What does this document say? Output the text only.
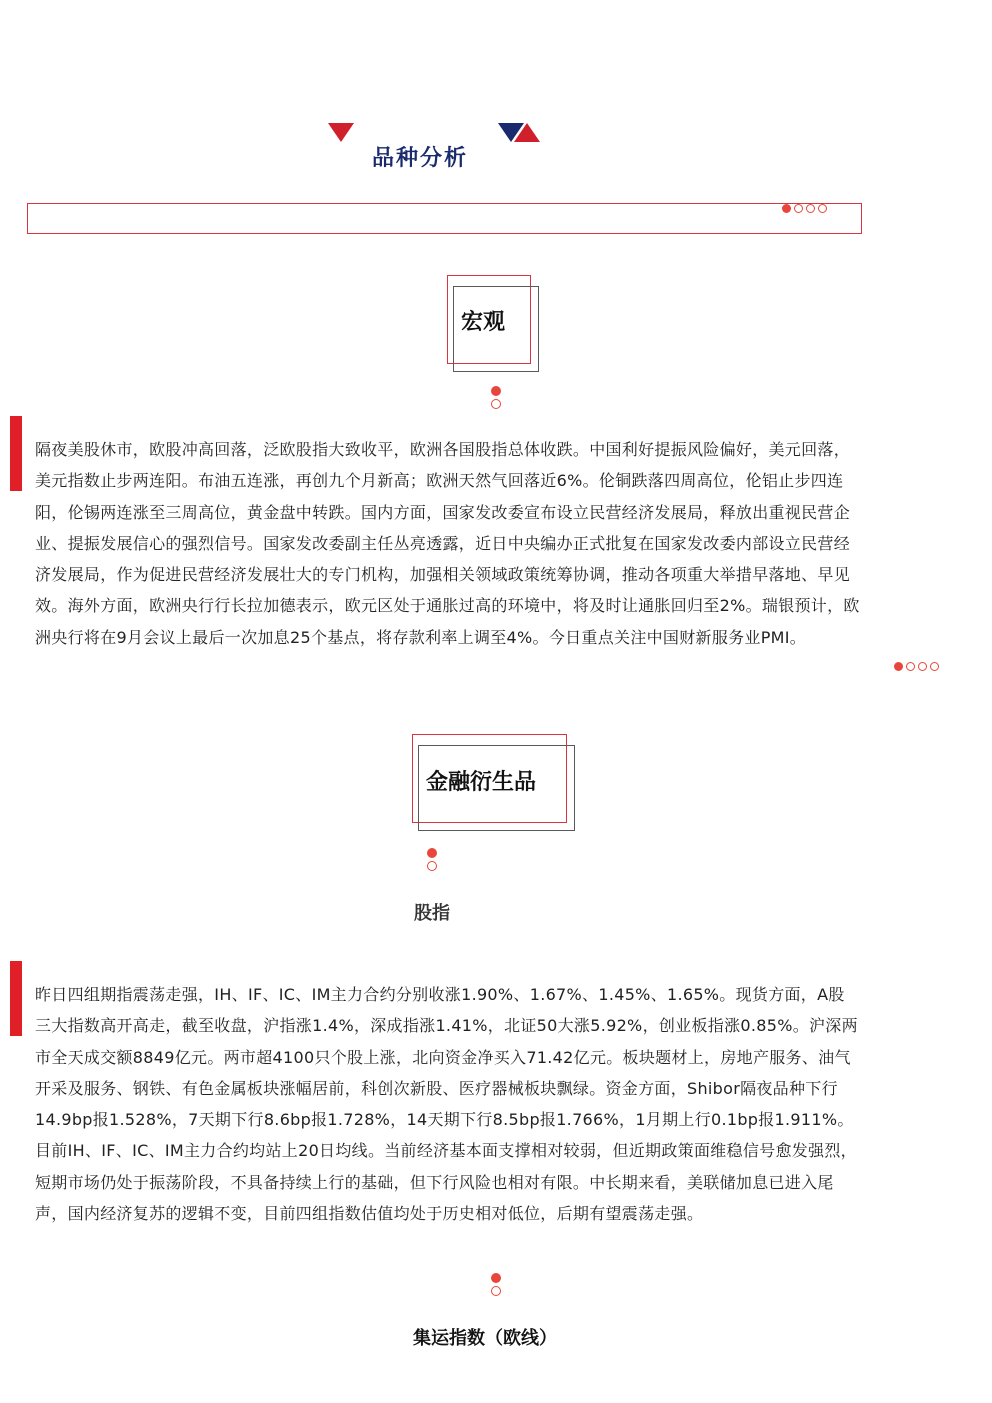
品种分析
宏观
隔夜美股休市，欧股冲高回落，泛欧股指大致收平，欧洲各国股指总体收跌。中国利好提振风险偏好，美元回落，
美元指数止步两连阳。布油五连涨，再创九个月新高；欧洲天然气回落近6%。伦铜跌落四周高位，伦铝止步四连
阳，伦锡两连涨至三周高位，黄金盘中转跌。国内方面，国家发改委宣布设立民营经济发展局，释放出重视民营企
业、提振发展信心的强烈信号。国家发改委副主任丛亮透露，近日中央编办正式批复在国家发改委内部设立民营经
济发展局，作为促进民营经济发展壮大的专门机构，加强相关领域政策统筹协调，推动各项重大举措早落地、早见
效。海外方面，欧洲央行行长拉加德表示，欧元区处于通胀过高的环境中，将及时让通胀回归至2%。瑞银预计，欧
洲央行将在9月会议上最后一次加息25个基点，将存款利率上调至4%。今日重点关注中国财新服务业PMI。
金融衍生品
股指
昨日四组期指震荡走强，IH、IF、IC、IM主力合约分别收涨1.90%、1.67%、1.45%、1.65%。现货方面，A股
三大指数高开高走，截至收盘，沪指涨1.4%，深成指涨1.41%，北证50大涨5.92%，创业板指涨0.85%。沪深两
市全天成交额8849亿元。两市超4100只个股上涨，北向资金净买入71.42亿元。板块题材上，房地产服务、油气
开采及服务、钢铁、有色金属板块涨幅居前，科创次新股、医疗器械板块飘绿。资金方面，Shibor隔夜品种下行
14.9bp报1.528%，7天期下行8.6bp报1.728%，14天期下行8.5bp报1.766%，1月期上行0.1bp报1.911%。
目前IH、IF、IC、IM主力合约均站上20日均线。当前经济基本面支撑相对较弱，但近期政策面维稳信号愈发强烈，
短期市场仍处于振荡阶段，不具备持续上行的基础，但下行风险也相对有限。中长期来看，美联储加息已进入尾
声，国内经济复苏的逻辑不变，目前四组指数估值均处于历史相对低位，后期有望震荡走强。
集运指数（欧线）
